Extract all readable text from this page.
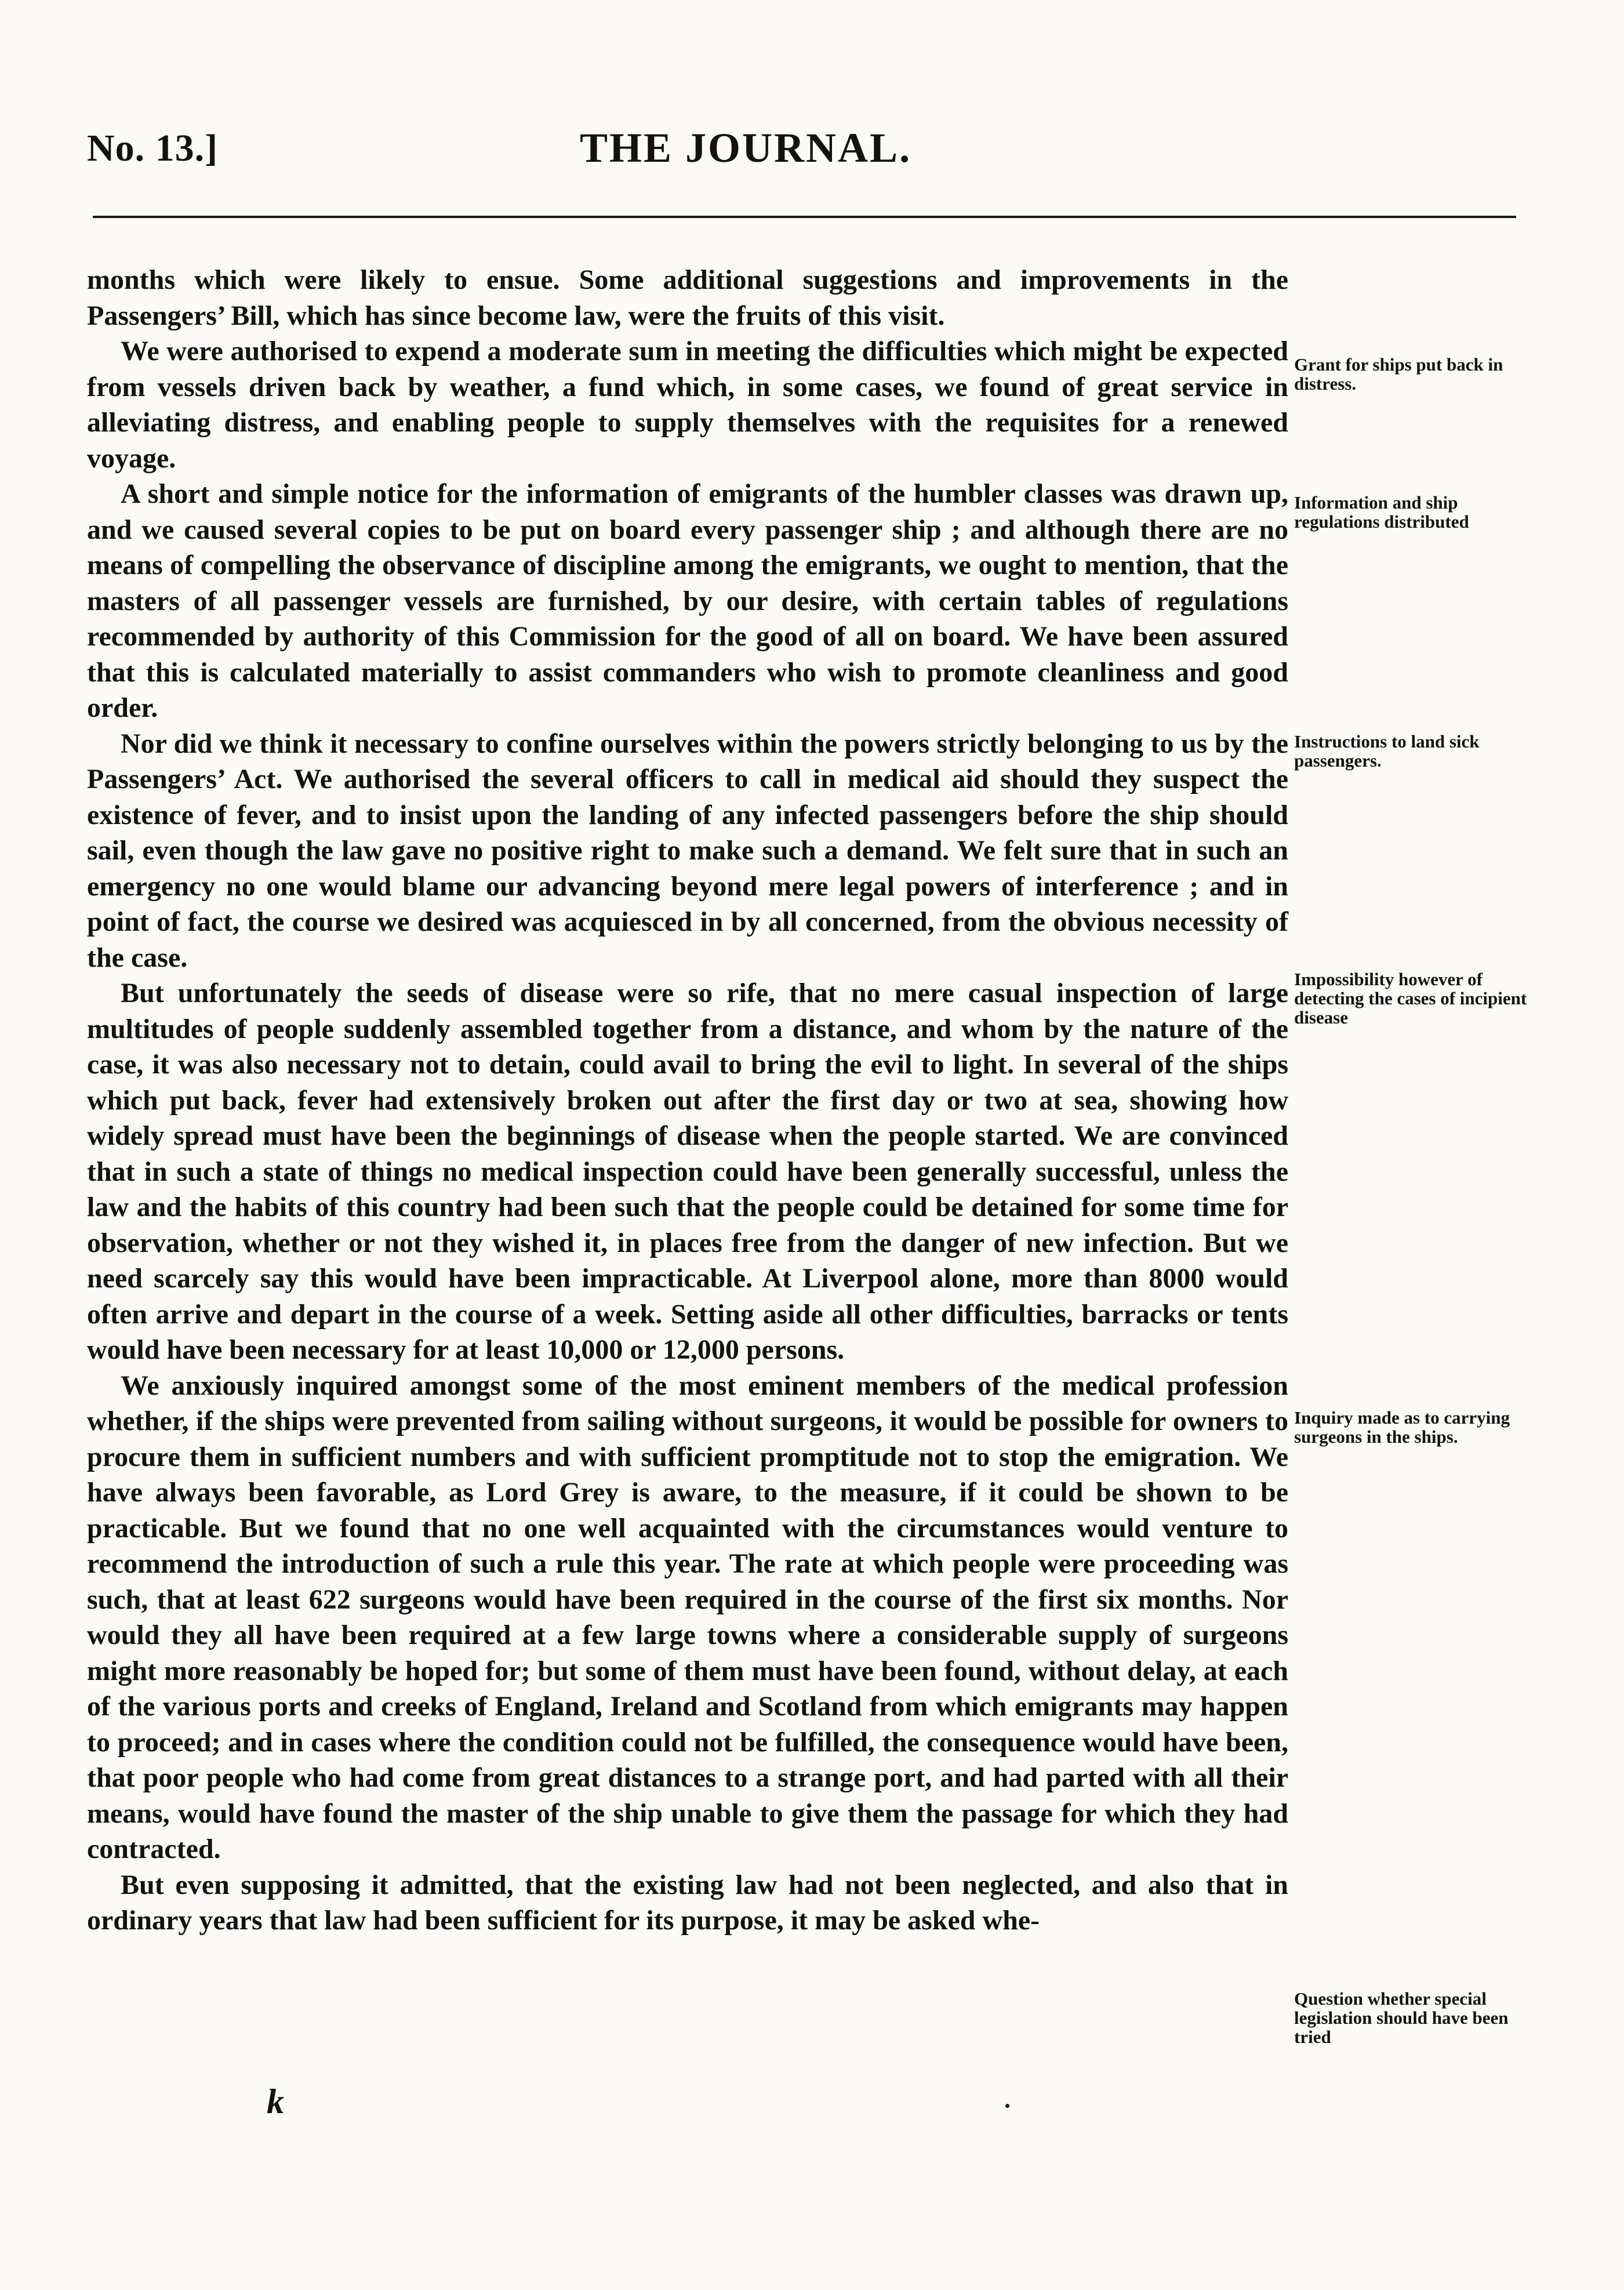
No. 13.]	THE JOURNAL.

months which were likely to ensue. Some additional suggestions and improvements in the Passengers’ Bill, which has since become law, were the fruits of this visit.

We were authorised to expend a moderate sum in meeting the difficulties which might be expected from vessels driven back by weather, a fund which, in some cases, we found of great service in alleviating distress, and enabling people to supply themselves with the requisites for a renewed voyage.

A short and simple notice for the information of emigrants of the humbler classes was drawn up, and we caused several copies to be put on board every passenger ship ; and although there are no means of compelling the observance of discipline among the emigrants, we ought to mention, that the masters of all passenger vessels are furnished, by our desire, with certain tables of regulations recommended by authority of this Commission for the good of all on board. We have been assured that this is calculated materially to assist commanders who wish to promote cleanliness and good order.

Nor did we think it necessary to confine ourselves within the powers strictly belonging to us by the Passengers’ Act. We authorised the several officers to call in medical aid should they suspect the existence of fever, and to insist upon the landing of any infected passengers before the ship should sail, even though the law gave no positive right to make such a demand. We felt sure that in such an emergency no one would blame our advancing beyond mere legal powers of interference ; and in point of fact, the course we desired was acquiesced in by all concerned, from the obvious necessity of the case.

But unfortunately the seeds of disease were so rife, that no mere casual inspection of large multitudes of people suddenly assembled together from a distance, and whom by the nature of the case, it was also necessary not to detain, could avail to bring the evil to light. In several of the ships which put back, fever had extensively broken out after the first day or two at sea, showing how widely spread must have been the beginnings of disease when the people started. We are convinced that in such a state of things no medical inspection could have been generally successful, unless the law and the habits of this country had been such that the people could be detained for some time for observation, whether or not they wished it, in places free from the danger of new infection. But we need scarcely say this would have been impracticable. At Liverpool alone, more than 8000 would often arrive and depart in the course of a week. Setting aside all other difficulties, barracks or tents would have been necessary for at least 10,000 or 12,000 persons.

We anxiously inquired amongst some of the most eminent members of the medical profession whether, if the ships were prevented from sailing without surgeons, it would be possible for owners to procure them in sufficient numbers and with sufficient promptitude not to stop the emigration. We have always been favorable, as Lord Grey is aware, to the measure, if it could be shown to be practicable. But we found that no one well acquainted with the circumstances would venture to recommend the introduction of such a rule this year. The rate at which people were proceeding was such, that at least 622 surgeons would have been required in the course of the first six months. Nor would they all have been required at a few large towns where a considerable supply of surgeons might more reasonably be hoped for; but some of them must have been found, without delay, at each of the various ports and creeks of England, Ireland and Scotland from which emigrants may happen to proceed; and in cases where the condition could not be fulfilled, the consequence would have been, that poor people who had come from great distances to a strange port, and had parted with all their means, would have found the master of the ship unable to give them the passage for which they had contracted.

But even supposing it admitted, that the existing law had not been neglected, and also that in ordinary years that law had been sufficient for its purpose, it may be asked whe-

Grant for ships put back in distress.
Information and ship regulations distributed
Instructions to land sick passengers.
Impossibility however of detecting the cases of incipient disease
Inquiry made as to carrying surgeons in the ships.
Question whether special legislation should have been tried
k
